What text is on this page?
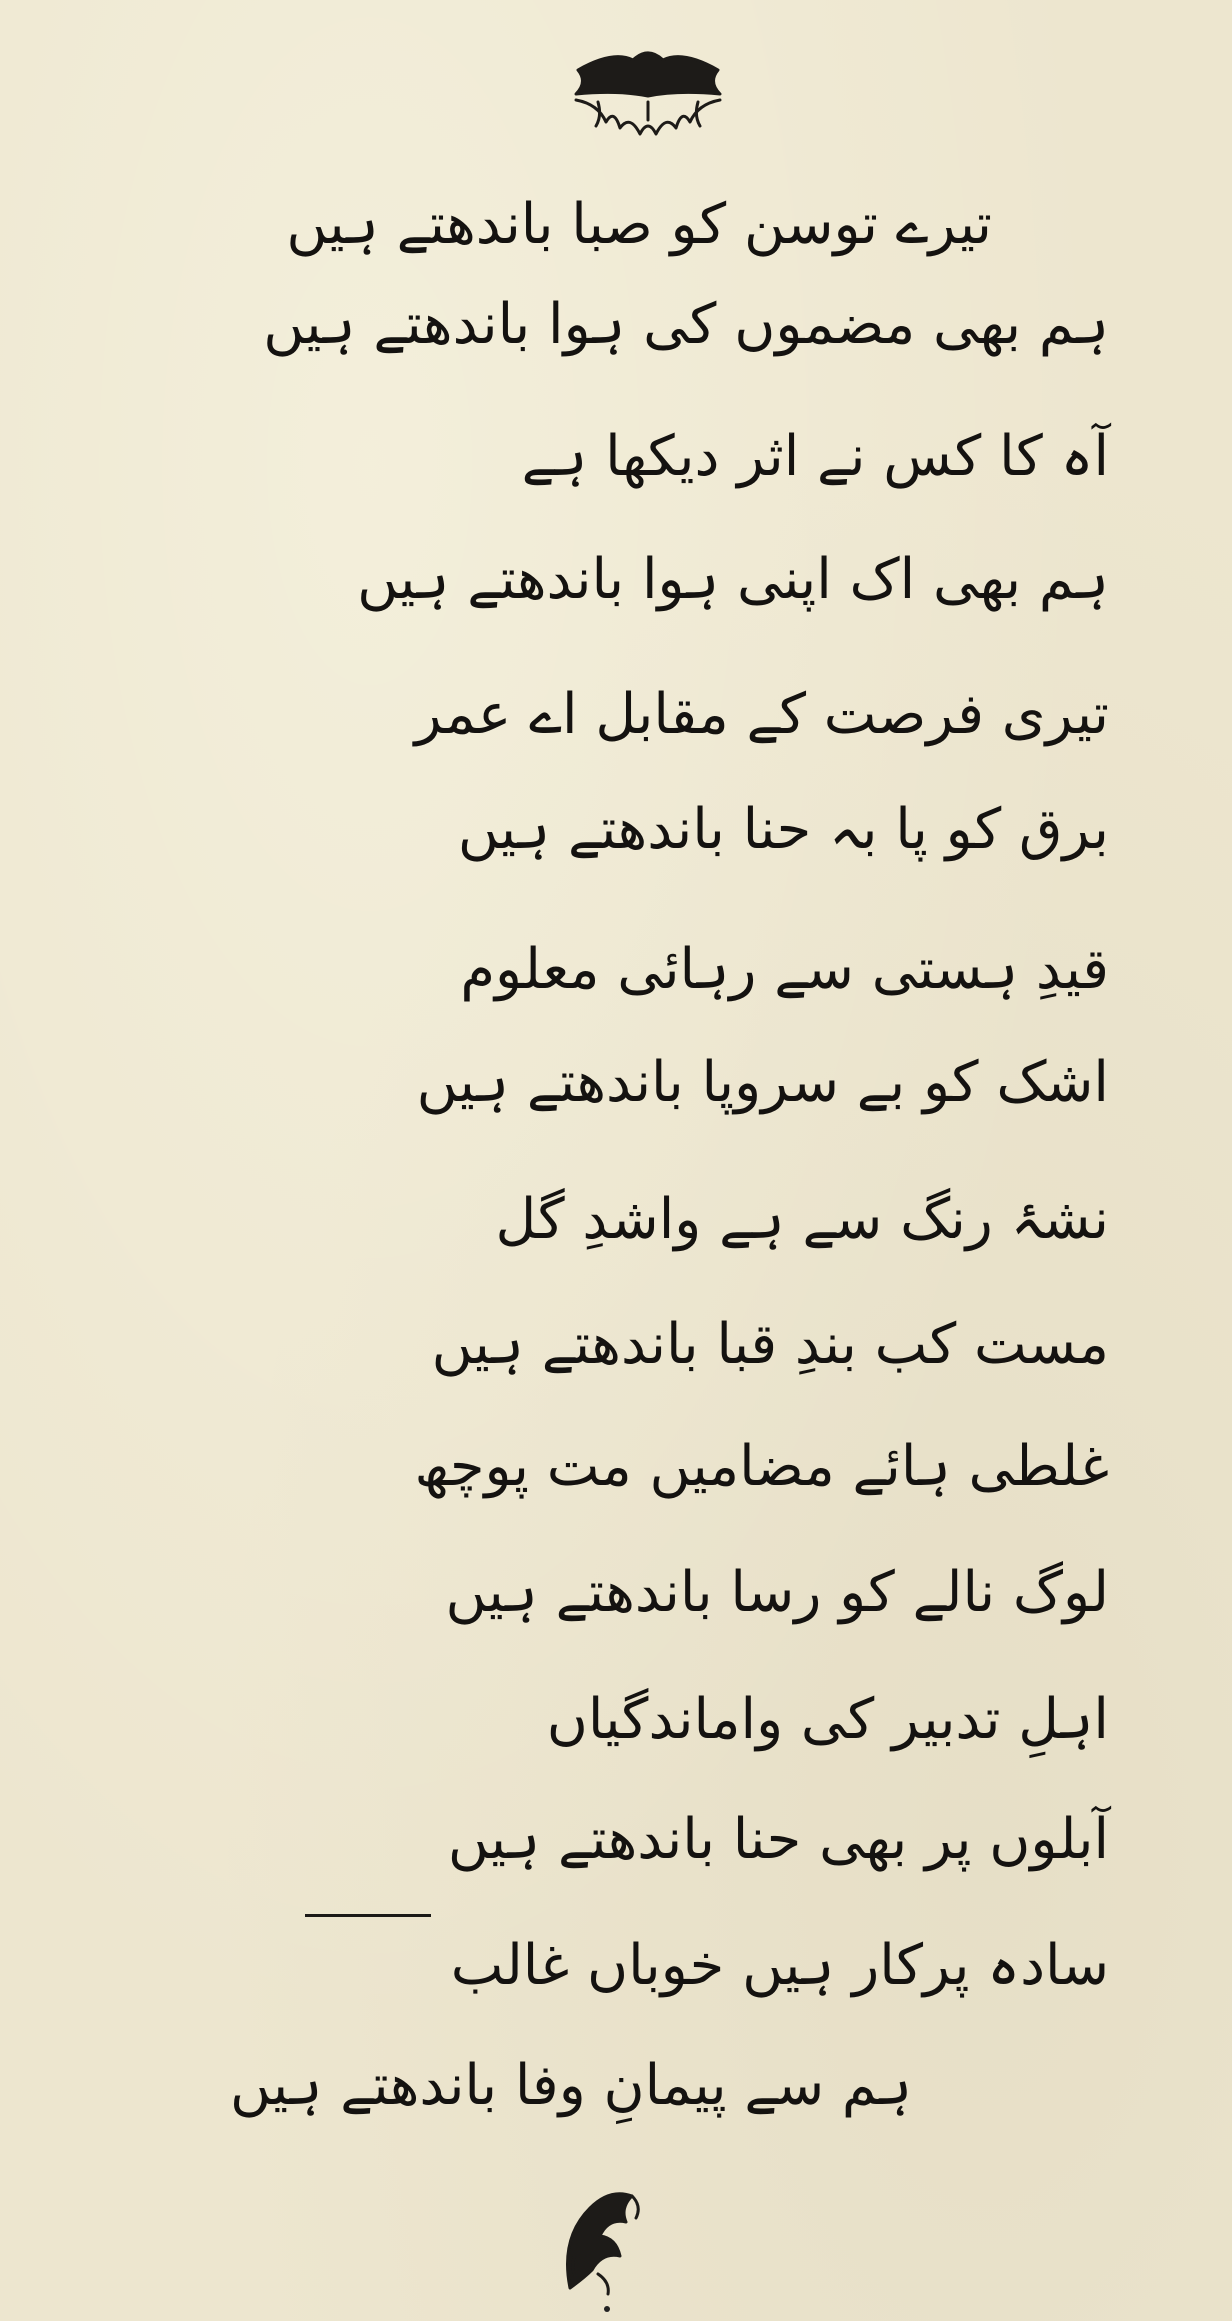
تیرے توسن کو صبا باندھتے ہیں
ہم بھی مضموں کی ہوا باندھتے ہیں
آہ کا کس نے اثر دیکھا ہے
ہم بھی اک اپنی ہوا باندھتے ہیں
تیری فرصت کے مقابل اے عمر
برق کو پا بہ حنا باندھتے ہیں
قیدِ ہستی سے رہائی معلوم
اشک کو بے سروپا باندھتے ہیں
نشۂ رنگ سے ہے واشدِ گل
مست کب بندِ قبا باندھتے ہیں
غلطی ہائے مضامیں مت پوچھ
لوگ نالے کو رسا باندھتے ہیں
اہلِ تدبیر کی واماندگیاں
آبلوں پر بھی حنا باندھتے ہیں
سادہ پرکار ہیں خوباں غالب
ہم سے پیمانِ وفا باندھتے ہیں
